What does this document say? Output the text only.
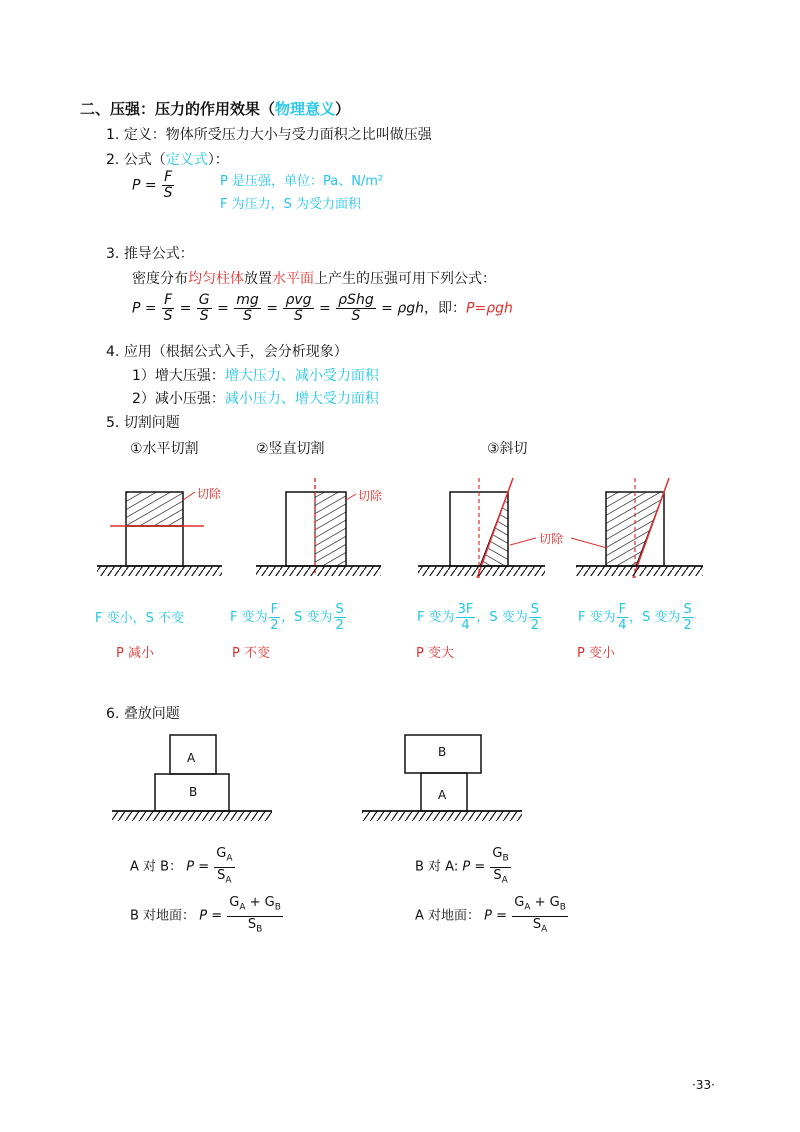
二、压强：压力的作用效果（物理意义）
1. 定义：物体所受压力大小与受力面积之比叫做压强
2. 公式（定义式）：
$P = \frac{F}{S}$	P 是压强，单位：Pa、N/m²
F 为压力，S 为受力面积
3. 推导公式：
密度分布均匀柱体放置水平面上产生的压强可用下列公式：
$P = \frac{F}{S} = \frac{G}{S} = \frac{mg}{S} = \frac{\text{ρvg}}{S} = \frac{\text{ρShg}}{S} = \rho gh$，即：P=ρgh
4. 应用（根据公式入手，会分析现象）
1）增大压强：增大压力、减小受力面积
2）减小压强：减小压力、增大受力面积
5. 切割问题
①水平切割	②竖直切割	③斜切
切除	切除
切除
F 变小，S 不变
P 减小
F 变为 $\frac{F}{2}$ ，S 变为 $\frac{S}{2}$
P 不变
F 变为 $\frac{3F}{4}$ ，S 变为 $\frac{S}{2}$
P 变大
F 变为 $\frac{F}{4}$ ，S 变为 $\frac{S}{2}$
P 变小
6. 叠放问题
A
B
B
A
A 对 B： $P = \frac{G_A}{S_A}$
B 对地面： $P = \frac{G_A + G_B}{S_B}$
B 对 A: $P = \frac{G_B}{S_A}$
A 对地面： $P = \frac{G_A + G_B}{S_A}$
·33·
